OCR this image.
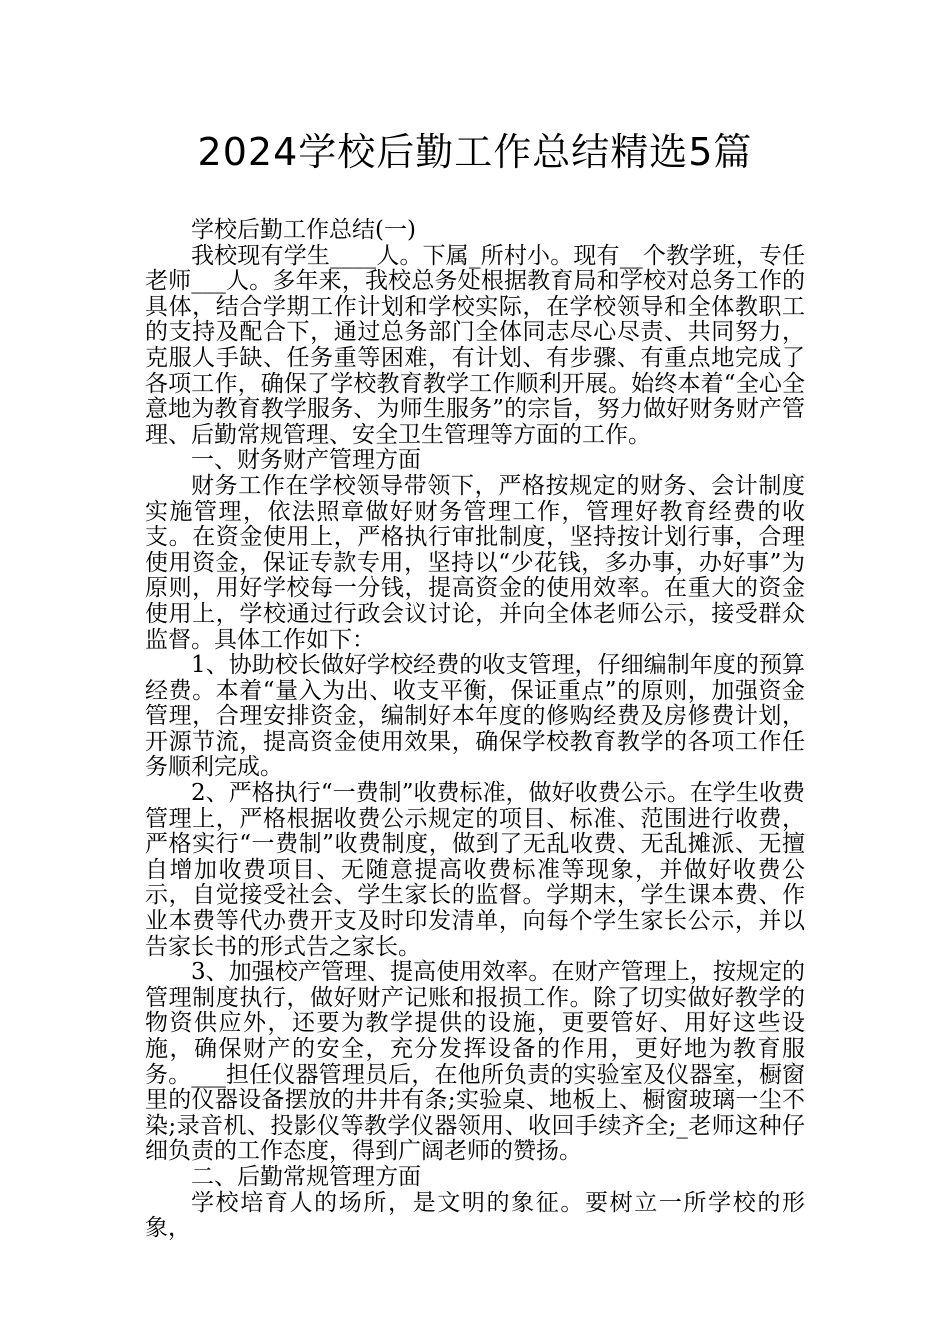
2024学校后勤工作总结精选5篇

学校后勤工作总结(一)

我校现有学生____人。下属_所村小。现有__个教学班，专任老师___人。多年来，我校总务处根据教育局和学校对总务工作的具体，结合学期工作计划和学校实际，在学校领导和全体教职工的支持及配合下，通过总务部门全体同志尽心尽责、共同努力，克服人手缺、任务重等困难，有计划、有步骤、有重点地完成了各项工作，确保了学校教育教学工作顺利开展。始终本着“全心全意地为教育教学服务、为师生服务”的宗旨，努力做好财务财产管理、后勤常规管理、安全卫生管理等方面的工作。

一、财务财产管理方面

财务工作在学校领导带领下，严格按规定的财务、会计制度实施管理，依法照章做好财务管理工作，管理好教育经费的收支。在资金使用上，严格执行审批制度，坚持按计划行事，合理使用资金，保证专款专用，坚持以“少花钱，多办事，办好事”为原则，用好学校每一分钱，提高资金的使用效率。在重大的资金使用上，学校通过行政会议讨论，并向全体老师公示，接受群众监督。具体工作如下：

1、协助校长做好学校经费的收支管理，仔细编制年度的预算经费。本着“量入为出、收支平衡，保证重点”的原则，加强资金管理，合理安排资金，编制好本年度的修购经费及房修费计划，开源节流，提高资金使用效果，确保学校教育教学的各项工作任务顺利完成。

2、严格执行“一费制”收费标准，做好收费公示。在学生收费管理上，严格根据收费公示规定的项目、标准、范围进行收费，严格实行“一费制”收费制度，做到了无乱收费、无乱摊派、无擅自增加收费项目、无随意提高收费标准等现象，并做好收费公示，自觉接受社会、学生家长的监督。学期末，学生课本费、作业本费等代办费开支及时印发清单，向每个学生家长公示，并以告家长书的形式告之家长。

3、加强校产管理、提高使用效率。在财产管理上，按规定的管理制度执行，做好财产记账和报损工作。除了切实做好教学的物资供应外，还要为教学提供的设施，更要管好、用好这些设施，确保财产的安全，充分发挥设备的作用，更好地为教育服务。___担任仪器管理员后，在他所负责的实验室及仪器室，橱窗里的仪器设备摆放的井井有条;实验桌、地板上、橱窗玻璃一尘不染;录音机、投影仪等教学仪器领用、收回手续齐全;_老师这种仔细负责的工作态度，得到广阔老师的赞扬。

二、后勤常规管理方面

学校培育人的场所，是文明的象征。要树立一所学校的形象，
